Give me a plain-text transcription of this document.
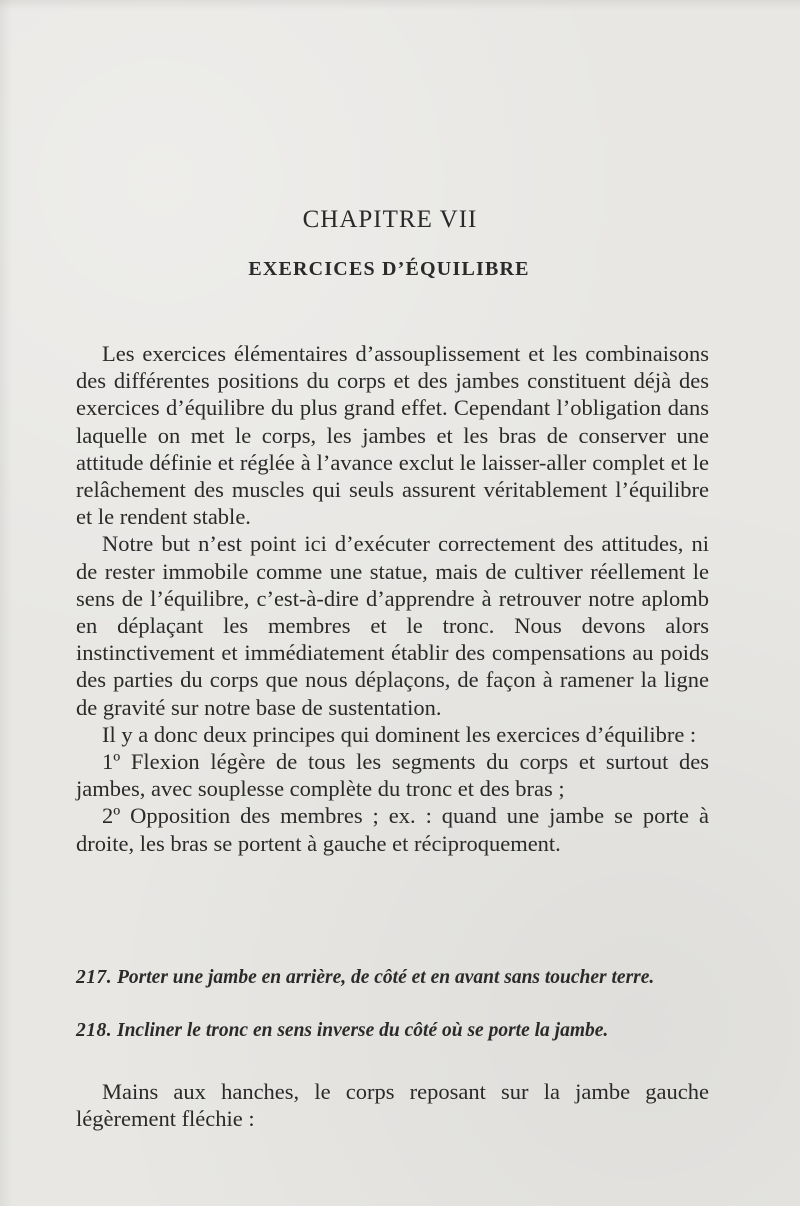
CHAPITRE VII
EXERCICES D’ÉQUILIBRE

Les exercices élémentaires d’assouplissement et les combinaisons des différentes positions du corps et des jambes constituent déjà des exercices d’équilibre du plus grand effet. Cependant l’obligation dans laquelle on met le corps, les jambes et les bras de conserver une attitude définie et réglée à l’avance exclut le laisser-aller complet et le relâchement des muscles qui seuls assurent véritablement l’équilibre et le rendent stable.

Notre but n’est point ici d’exécuter correctement des attitudes, ni de rester immobile comme une statue, mais de cultiver réellement le sens de l’équilibre, c’est-à-dire d’apprendre à retrouver notre aplomb en déplaçant les membres et le tronc. Nous devons alors instinctivement et immédiatement établir des compensations au poids des parties du corps que nous déplaçons, de façon à ramener la ligne de gravité sur notre base de sustentation.

Il y a donc deux principes qui dominent les exercices d’équilibre :

1º Flexion légère de tous les segments du corps et surtout des jambes, avec souplesse complète du tronc et des bras ;

2º Opposition des membres ; ex. : quand une jambe se porte à droite, les bras se portent à gauche et réciproquement.

217. Porter une jambe en arrière, de côté et en avant sans toucher terre.
218. Incliner le tronc en sens inverse du côté où se porte la jambe.

Mains aux hanches, le corps reposant sur la jambe gauche légèrement fléchie :
